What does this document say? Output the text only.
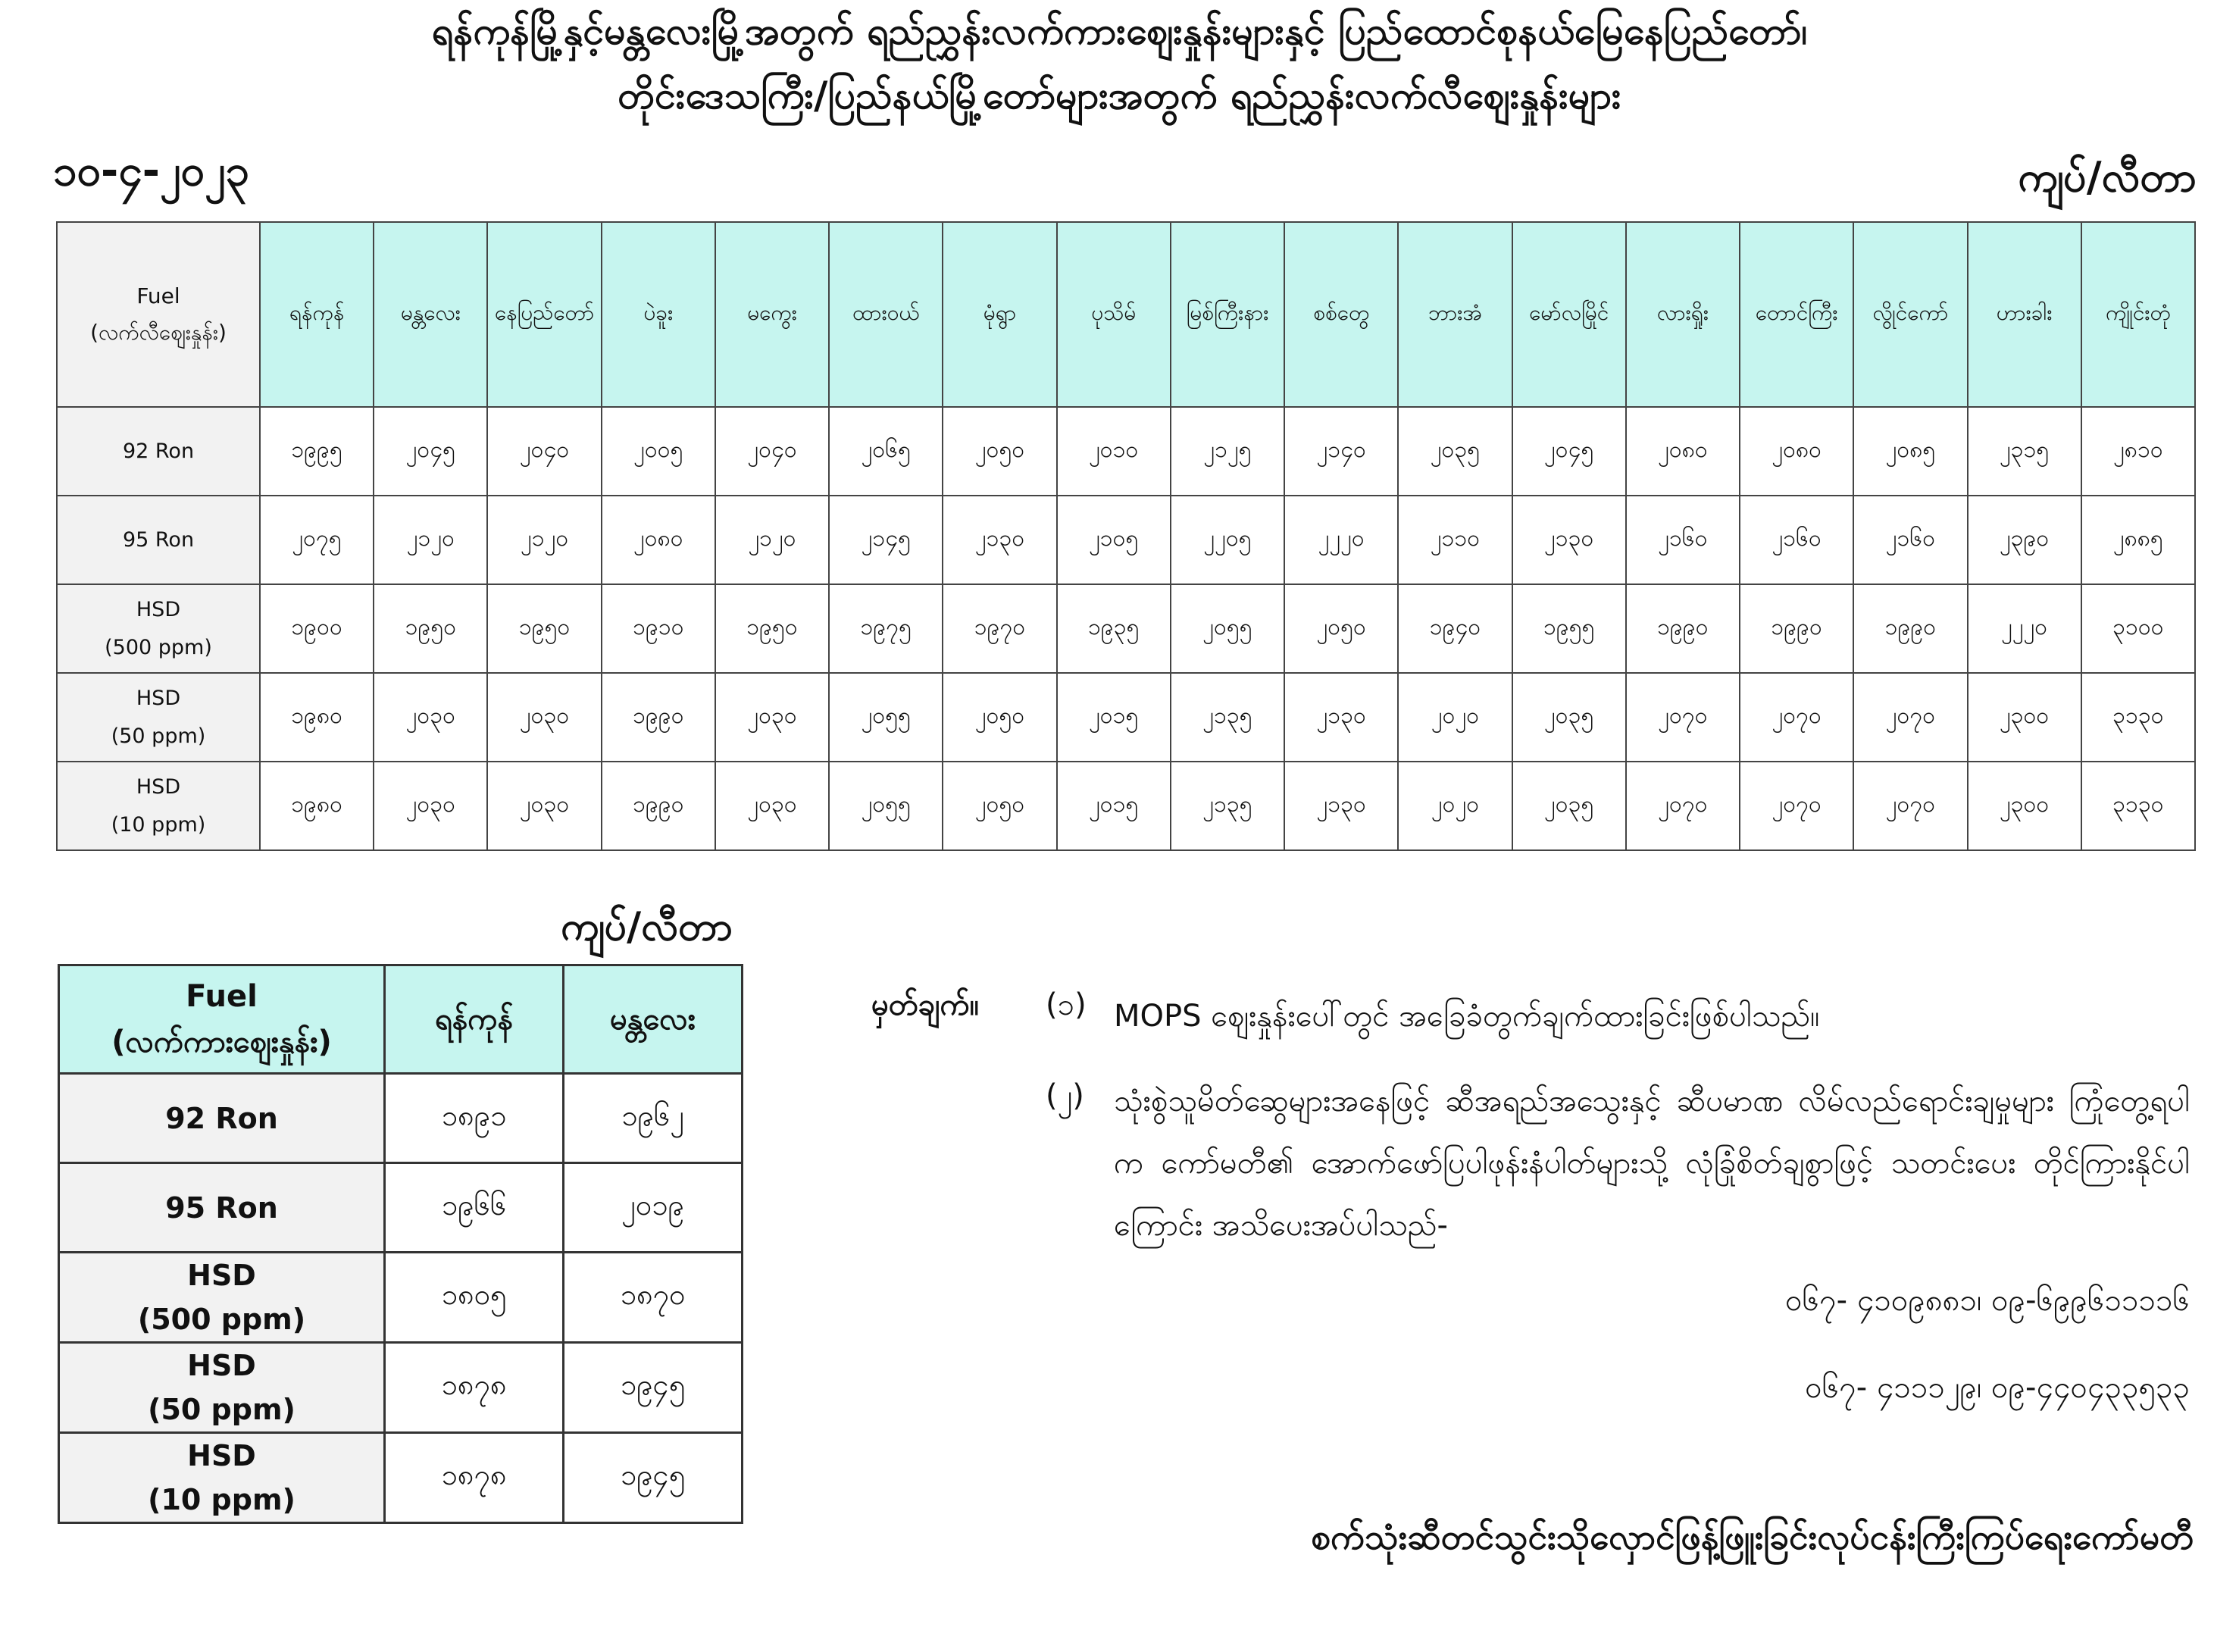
ရန်ကုန်မြို့နှင့်မန္တလေးမြို့အတွက် ရည်ညွှန်းလက်ကားဈေးနှုန်းများနှင့် ပြည်ထောင်စုနယ်မြေနေပြည်တော်၊
တိုင်းဒေသကြီး/ပြည်နယ်မြို့တော်များအတွက် ရည်ညွှန်းလက်လီဈေးနှုန်းများ
၁၀-၄-၂၀၂၃	ကျပ်/လီတာ
Fuel
(လက်လီဈေးနှုန်း)	ရန်ကုန်	မန္တလေး	နေပြည်တော်	ပဲခူး	မကွေး	ထားဝယ်	မုံရွာ	ပုသိမ်	မြစ်ကြီးနား	စစ်တွေ	ဘားအံ	မော်လမြိုင်	လားရှိုး	တောင်ကြီး	လွိုင်ကော်	ဟားခါး	ကျိုင်းတုံ

92 Ron	၁၉၉၅	၂၀၄၅	၂၀၄၀	၂၀၀၅	၂၀၄၀	၂၀၆၅	၂၀၅၀	၂၀၁၀	၂၁၂၅	၂၁၄၀	၂၀၃၅	၂၀၄၅	၂၀၈၀	၂၀၈၀	၂၀၈၅	၂၃၁၅	၂၈၁၀

95 Ron	၂၀၇၅	၂၁၂၀	၂၁၂၀	၂၀၈၀	၂၁၂၀	၂၁၄၅	၂၁၃၀	၂၁၀၅	၂၂၀၅	၂၂၂၀	၂၁၁၀	၂၁၃၀	၂၁၆၀	၂၁၆၀	၂၁၆၀	၂၃၉၀	၂၈၈၅

HSD
(500 ppm)	၁၉၀၀	၁၉၅၀	၁၉၅၀	၁၉၁၀	၁၉၅၀	၁၉၇၅	၁၉၇၀	၁၉၃၅	၂၀၅၅	၂၀၅၀	၁၉၄၀	၁၉၅၅	၁၉၉၀	၁၉၉၀	၁၉၉၀	၂၂၂၀	၃၁၀၀

HSD
(50 ppm)	၁၉၈၀	၂၀၃၀	၂၀၃၀	၁၉၉၀	၂၀၃၀	၂၀၅၅	၂၀၅၀	၂၀၁၅	၂၁၃၅	၂၁၃၀	၂၀၂၀	၂၀၃၅	၂၀၇၀	၂၀၇၀	၂၀၇၀	၂၃၀၀	၃၁၃၀

HSD
(10 ppm)	၁၉၈၀	၂၀၃၀	၂၀၃၀	၁၉၉၀	၂၀၃၀	၂၀၅၅	၂၀၅၀	၂၀၁၅	၂၁၃၅	၂၁၃၀	၂၀၂၀	၂၀၃၅	၂၀၇၀	၂၀၇၀	၂၀၇၀	၂၃၀၀	၃၁၃၀
ကျပ်/လီတာ
Fuel
(လက်ကားဈေးနှုန်း)	ရန်ကုန်	မန္တလေး

92 Ron	၁၈၉၁	၁၉၆၂

95 Ron	၁၉၆၆	၂၀၁၉

HSD
(500 ppm)	၁၈၀၅	၁၈၇၀

HSD
(50 ppm)	၁၈၇၈	၁၉၄၅

HSD
(10 ppm)	၁၈၇၈	၁၉၄၅
မှတ်ချက်။ (၁) MOPS ဈေးနှုန်းပေါ်တွင် အခြေခံတွက်ချက်ထားခြင်းဖြစ်ပါသည်။
(၂) သုံးစွဲသူမိတ်ဆွေများအနေဖြင့် ဆီအရည်အသွေးနှင့် ဆီပမာဏ လိမ်လည်ရောင်းချမှုများ ကြုံတွေ့ရပါက ကော်မတီ၏ အောက်ဖော်ပြပါဖုန်းနံပါတ်များသို့ လုံခြုံစိတ်ချစွာဖြင့် သတင်းပေး တိုင်ကြားနိုင်ပါကြောင်း အသိပေးအပ်ပါသည်-
၀၆၇- ၄၁၀၉၈၈၁၊ ၀၉-၆၉၉၆၁၁၁၁၆
၀၆၇- ၄၁၁၁၂၉၊ ၀၉-၄၄၀၄၃၃၅၃၃
စက်သုံးဆီတင်သွင်းသိုလှောင်ဖြန့်ဖြူးခြင်းလုပ်ငန်းကြီးကြပ်ရေးကော်မတီ
